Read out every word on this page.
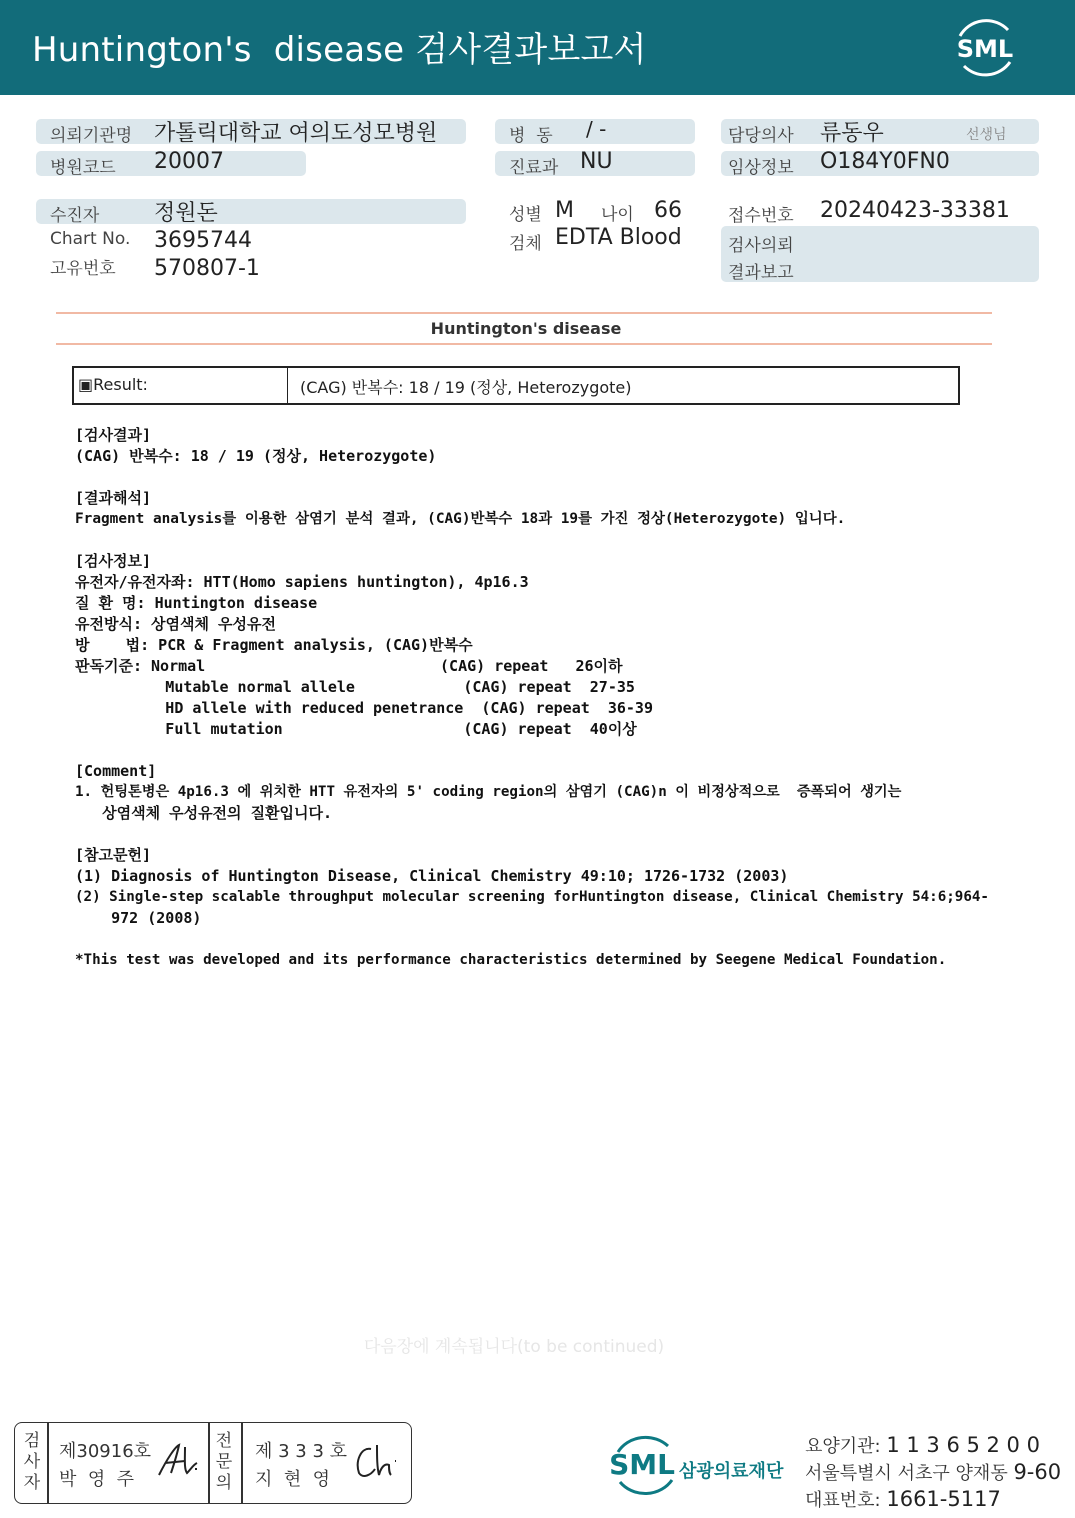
Huntington's  disease 검사결과보고서	SML
의뢰기관명 가톨릭대학교 여의도성모병원
병원코드 20007
병  동 / -
진료과 NU
담당의사 류동우	선생님
임상정보 O184Y0FN0
수진자 정원돈
Chart No. 3695744
고유번호 570807-1
성별 M 나이 66
검체 EDTA Blood
접수번호 20240423-33381
검사의뢰
결과보고
Huntington's disease
▣Result:	(CAG) 반복수: 18 / 19 (정상, Heterozygote)
[검사결과]
(CAG) 반복수: 18 / 19 (정상, Heterozygote)
[결과해석]
Fragment analysis를 이용한 삼염기 분석 결과, (CAG)반복수 18과 19를 가진 정상(Heterozygote) 입니다.
[검사정보]
유전자/유전자좌: HTT(Homo sapiens huntington), 4p16.3
질 환 명: Huntington disease
유전방식: 상염색체 우성유전
방    법: PCR & Fragment analysis, (CAG)반복수
판독기준: Normal                          (CAG) repeat   26이하
Mutable normal allele            (CAG) repeat  27-35
HD allele with reduced penetrance  (CAG) repeat  36-39
Full mutation                    (CAG) repeat  40이상
[Comment]
1. 헌팅톤병은 4p16.3 에 위치한 HTT 유전자의 5' coding region의 삼염기 (CAG)n 이 비정상적으로  증폭되어 생기는
상염색체 우성유전의 질환입니다.
[참고문헌]
(1) Diagnosis of Huntington Disease, Clinical Chemistry 49:10; 1726-1732 (2003)
(2) Single-step scalable throughput molecular screening forHuntington disease, Clinical Chemistry 54:6;964-
972 (2008)
*This test was developed and its performance characteristics determined by Seegene Medical Foundation.
다음장에 계속됩니다(to be continued)
검 사 자
제30916호
박  영  주
전 문 의
제 3 3 3 호
지  현  영	SML 삼광의료재단
요양기관: 1 1 3 6 5 2 0 0
서울특별시 서초구 양재동 9-60
대표번호: 1661-5117
